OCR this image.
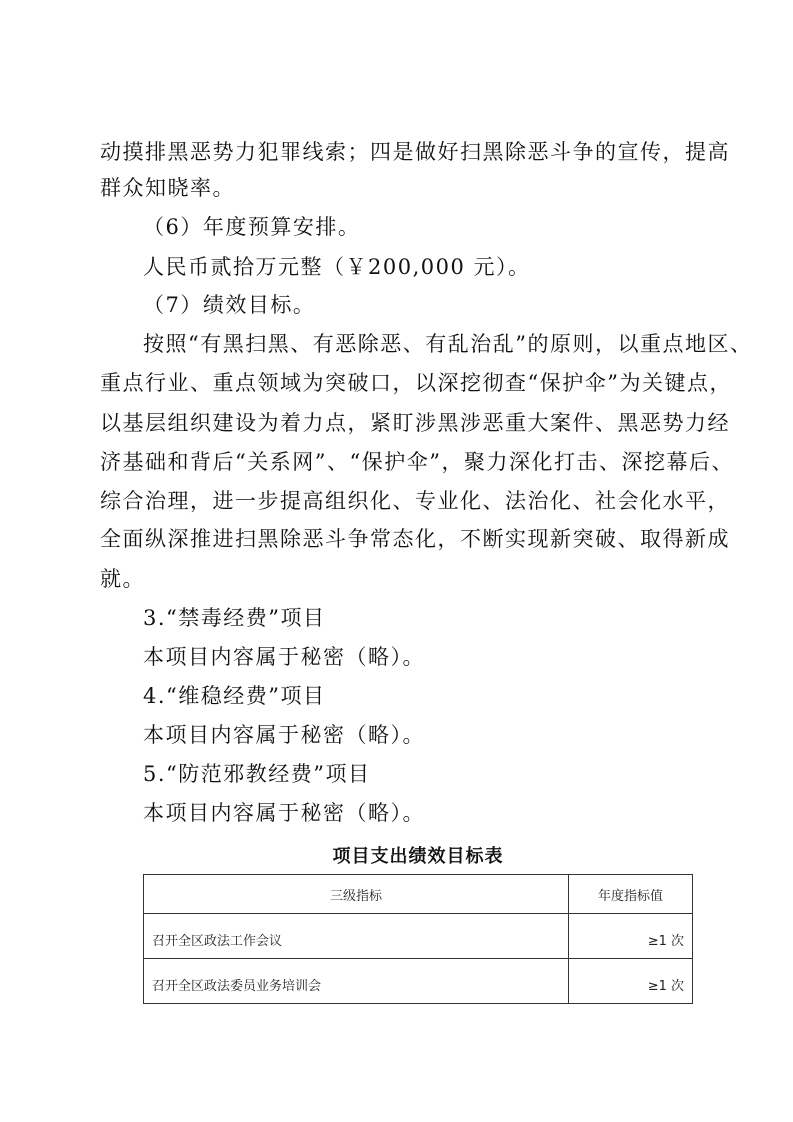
动摸排黑恶势力犯罪线索；四是做好扫黑除恶斗争的宣传，提高
群众知晓率。
（6）年度预算安排。
人民币贰拾万元整（￥200,000 元）。
（7）绩效目标。
按照“有黑扫黑、有恶除恶、有乱治乱”的原则，以重点地区、
重点行业、重点领域为突破口，以深挖彻查“保护伞”为关键点，
以基层组织建设为着力点，紧盯涉黑涉恶重大案件、黑恶势力经
济基础和背后“关系网”、“保护伞”，聚力深化打击、深挖幕后、
综合治理，进一步提高组织化、专业化、法治化、社会化水平，
全面纵深推进扫黑除恶斗争常态化，不断实现新突破、取得新成
就。
3.“禁毒经费”项目
本项目内容属于秘密（略）。
4.“维稳经费”项目
本项目内容属于秘密（略）。
5.“防范邪教经费”项目
本项目内容属于秘密（略）。
项目支出绩效目标表
三级指标	年度指标值
召开全区政法工作会议	≥1 次
召开全区政法委员业务培训会	≥1 次
